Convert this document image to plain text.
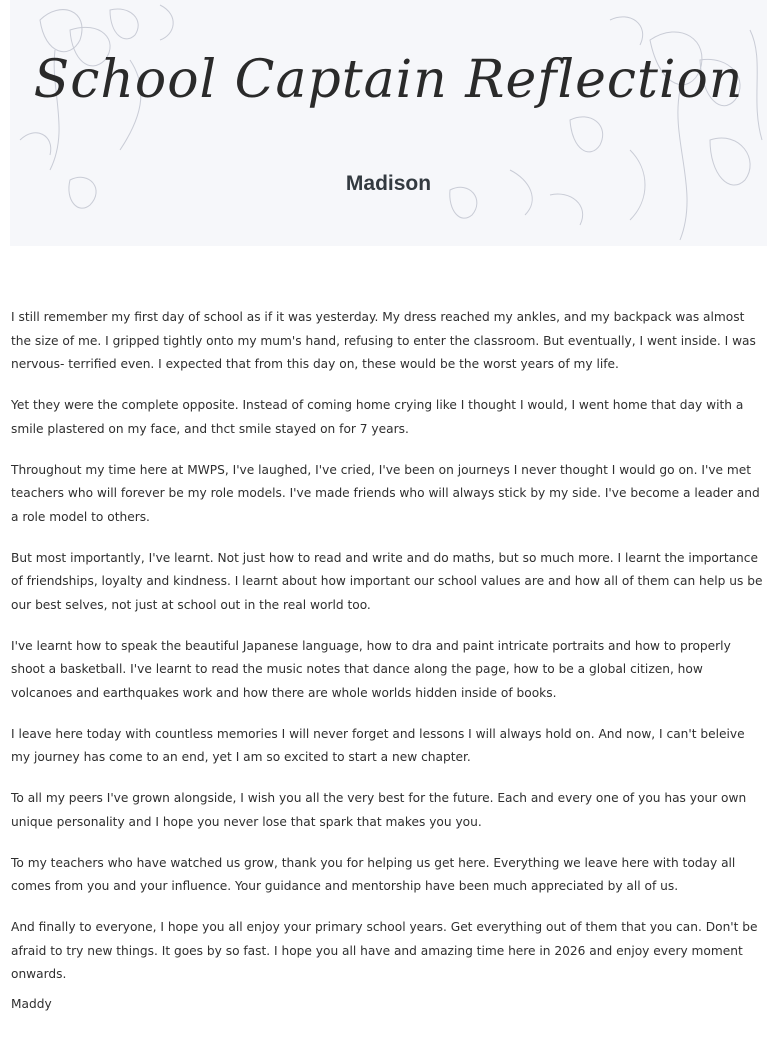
School Captain Reflection
Madison

I still remember my first day of school as if it was yesterday. My dress reached my ankles, and my backpack was almost the size of me. I gripped tightly onto my mum's hand, refusing to enter the classroom. But eventually, I went inside. I was nervous- terrified even. I expected that from this day on, these would be the worst years of my life.

Yet they were the complete opposite. Instead of coming home crying like I thought I would, I went home that day with a smile plastered on my face, and thct smile stayed on for 7 years.

Throughout my time here at MWPS, I've laughed, I've cried, I've been on journeys I never thought I would go on. I've met teachers who will forever be my role models. I've made friends who will always stick by my side. I've become a leader and a role model to others.

But most importantly, I've learnt. Not just how to read and write and do maths, but so much more. I learnt the importance of friendships, loyalty and kindness. I learnt about how important our school values are and how all of them can help us be our best selves, not just at school out in the real world too.

I've learnt how to speak the beautiful Japanese language, how to dra and paint intricate portraits and how to properly shoot a basketball. I've learnt to read the music notes that dance along the page, how to be a global citizen, how volcanoes and earthquakes work and how there are whole worlds hidden inside of books.

I leave here today with countless memories I will never forget and lessons I will always hold on. And now, I can't beleive my journey has come to an end, yet I am so excited to start a new chapter.

To all my peers I've grown alongside, I wish you all the very best for the future. Each and every one of you has your own unique personality and I hope you never lose that spark that makes you you.

To my teachers who have watched us grow, thank you for helping us get here. Everything we leave here with today all comes from you and your influence. Your guidance and mentorship have been much appreciated by all of us.

And finally to everyone, I hope you all enjoy your primary school years. Get everything out of them that you can. Don't be afraid to try new things. It goes by so fast. I hope you all have and amazing time here in 2026 and enjoy every moment onwards.

Maddy
